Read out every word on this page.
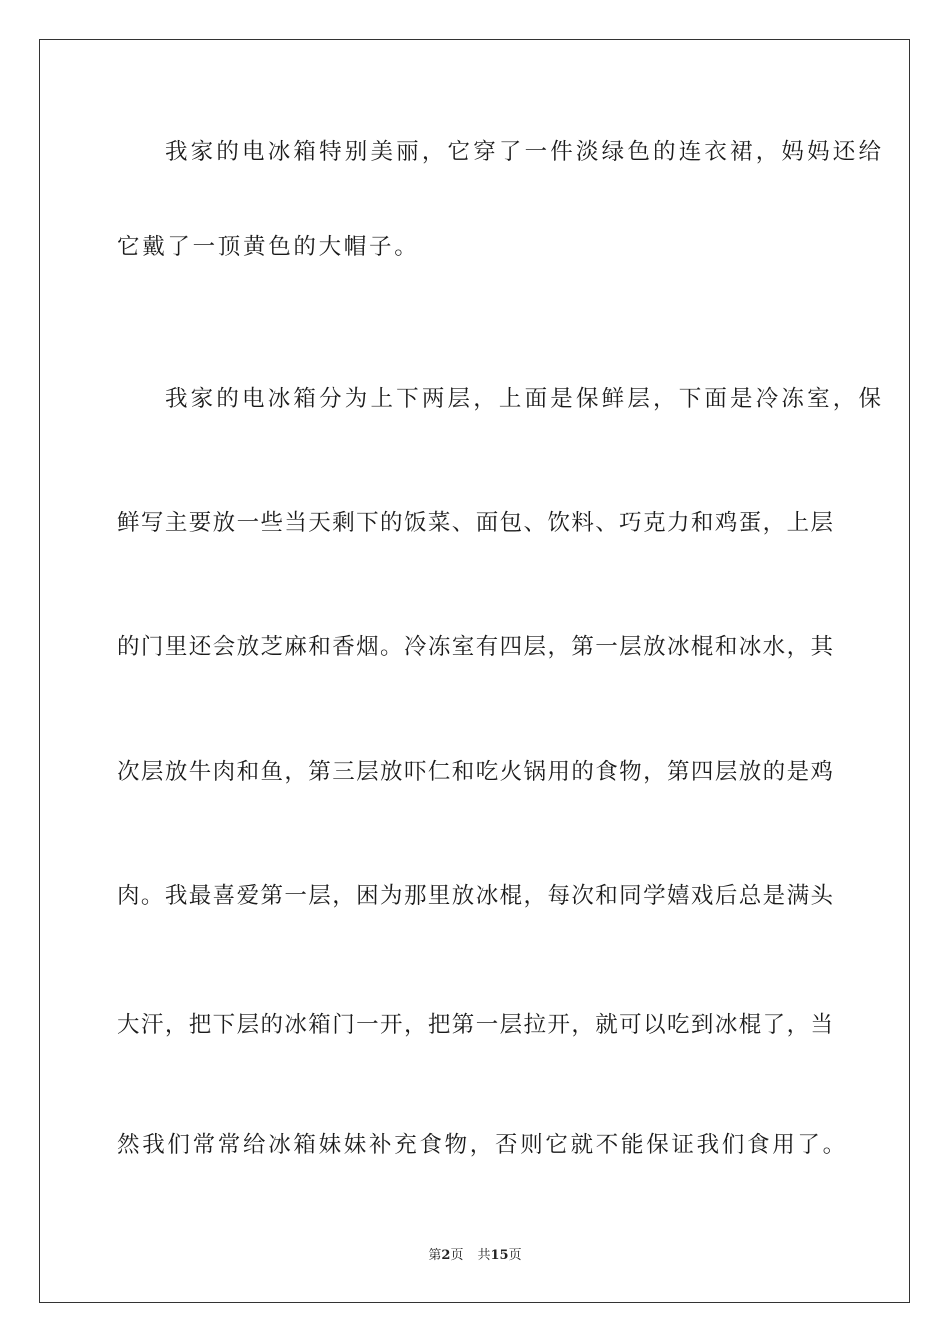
我家的电冰箱特别美丽，它穿了一件淡绿色的连衣裙，妈妈还给
它戴了一顶黄色的大帽子。
我家的电冰箱分为上下两层，上面是保鲜层，下面是冷冻室，保
鲜写主要放一些当天剩下的饭菜、面包、饮料、巧克力和鸡蛋，上层
的门里还会放芝麻和香烟。冷冻室有四层，第一层放冰棍和冰水，其
次层放牛肉和鱼，第三层放吓仁和吃火锅用的食物，第四层放的是鸡
肉。我最喜爱第一层，困为那里放冰棍，每次和同学嬉戏后总是满头
大汗，把下层的冰箱门一开，把第一层拉开，就可以吃到冰棍了，当
然我们常常给冰箱妹妹补充食物，否则它就不能保证我们食用了。
第2页 共15页
